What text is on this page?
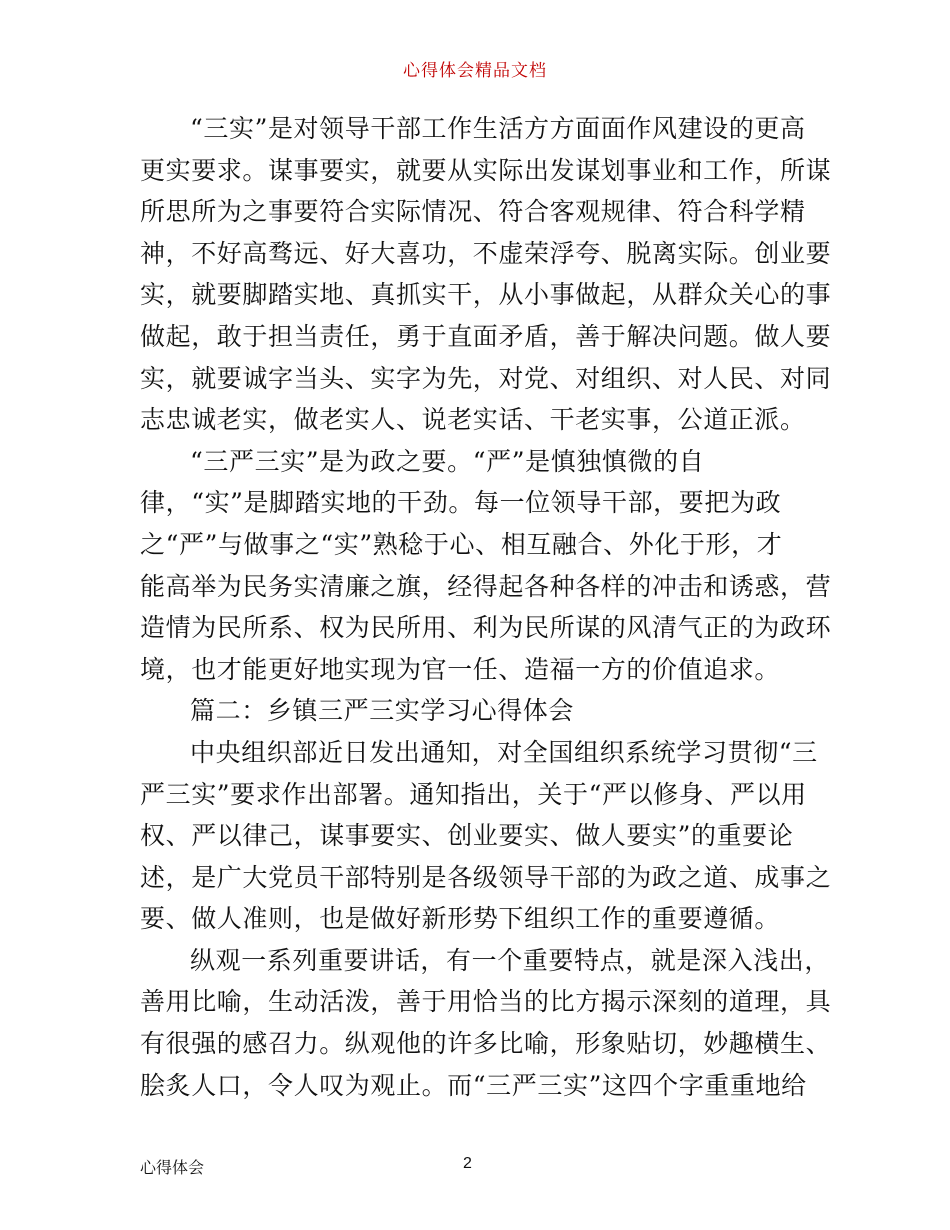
心得体会精品文档
“三实”是对领导干部工作生活方方面面作风建设的更高
更实要求。谋事要实，就要从实际出发谋划事业和工作，所谋
所思所为之事要符合实际情况、符合客观规律、符合科学精
神，不好高骛远、好大喜功，不虚荣浮夸、脱离实际。创业要
实，就要脚踏实地、真抓实干，从小事做起，从群众关心的事
做起，敢于担当责任，勇于直面矛盾，善于解决问题。做人要
实，就要诚字当头、实字为先，对党、对组织、对人民、对同
志忠诚老实，做老实人、说老实话、干老实事，公道正派。
“三严三实”是为政之要。“严”是慎独慎微的自
律，“实”是脚踏实地的干劲。每一位领导干部，要把为政
之“严”与做事之“实”熟稔于心、相互融合、外化于形，才
能高举为民务实清廉之旗，经得起各种各样的冲击和诱惑，营
造情为民所系、权为民所用、利为民所谋的风清气正的为政环
境，也才能更好地实现为官一任、造福一方的价值追求。
篇二：乡镇三严三实学习心得体会
中央组织部近日发出通知，对全国组织系统学习贯彻“三
严三实”要求作出部署。通知指出，关于“严以修身、严以用
权、严以律己，谋事要实、创业要实、做人要实”的重要论
述，是广大党员干部特别是各级领导干部的为政之道、成事之
要、做人准则，也是做好新形势下组织工作的重要遵循。
纵观一系列重要讲话，有一个重要特点，就是深入浅出，
善用比喻，生动活泼，善于用恰当的比方揭示深刻的道理，具
有很强的感召力。纵观他的许多比喻，形象贴切，妙趣横生、
脍炙人口，令人叹为观止。而“三严三实”这四个字重重地给
心得体会	2
